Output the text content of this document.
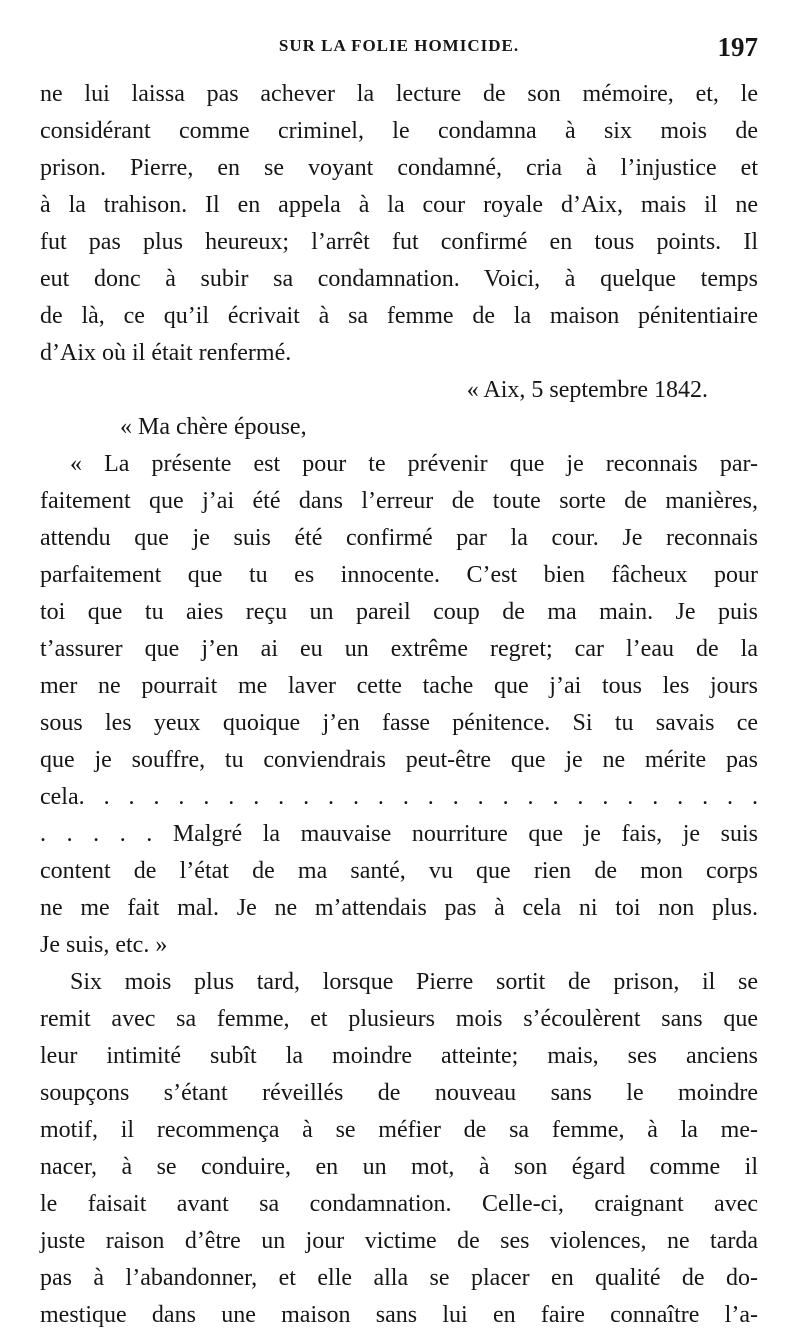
SUR LA FOLIE HOMICIDE.	197
ne lui laissa pas achever la lecture de son mémoire, et, le
considérant comme criminel, le condamna à six mois de
prison. Pierre, en se voyant condamné, cria à l’injustice et
à la trahison. Il en appela à la cour royale d’Aix, mais il ne
fut pas plus heureux; l’arrêt fut confirmé en tous points. Il
eut donc à subir sa condamnation. Voici, à quelque temps
de là, ce qu’il écrivait à sa femme de la maison pénitentiaire
d’Aix où il était renfermé.
« Aix, 5 septembre 1842.
« Ma chère épouse,
« La présente est pour te prévenir que je reconnais par-
faitement que j’ai été dans l’erreur de toute sorte de manières,
attendu que je suis été confirmé par la cour. Je reconnais
parfaitement que tu es innocente. C’est bien fâcheux pour
toi que tu aies reçu un pareil coup de ma main. Je puis
t’assurer que j’en ai eu un extrême regret; car l’eau de la
mer ne pourrait me laver cette tache que j’ai tous les jours
sous les yeux quoique j’en fasse pénitence. Si tu savais ce
que je souffre, tu conviendrais peut-être que je ne mérite pas
cela. . . . . . . . . . . . . . . . . . . . . . . . . . . .
. . . . . Malgré la mauvaise nourriture que je fais, je suis
content de l’état de ma santé, vu que rien de mon corps
ne me fait mal. Je ne m’attendais pas à cela ni toi non plus.
Je suis, etc. »
Six mois plus tard, lorsque Pierre sortit de prison, il se
remit avec sa femme, et plusieurs mois s’écoulèrent sans que
leur intimité subît la moindre atteinte; mais, ses anciens
soupçons s’étant réveillés de nouveau sans le moindre
motif, il recommença à se méfier de sa femme, à la me-
nacer, à se conduire, en un mot, à son égard comme il
le faisait avant sa condamnation. Celle-ci, craignant avec
juste raison d’être un jour victime de ses violences, ne tarda
pas à l’abandonner, et elle alla se placer en qualité de do-
mestique dans une maison sans lui en faire connaître l’a-
